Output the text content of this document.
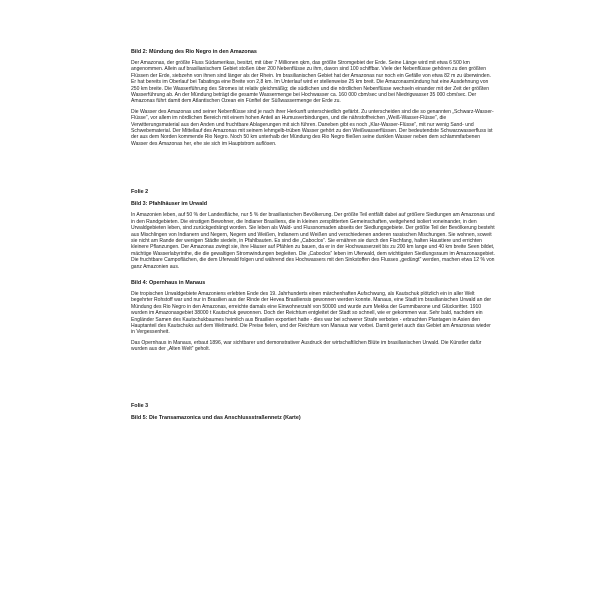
Bild 2: Mündung des Rio Negro in den Amazonas

Der Amazonas, der größte Fluss Südamerikas, besitzt, mit über 7 Millionen qkm, das größte Stromgebiet der Erde. Seine Länge wird mit etwa 6 500 km angenommen. Allein auf brasilianischem Gebiet stoßen über 200 Nebenflüsse zu ihm, davon sind 100 schiffbar. Viele der Nebenflüsse gehören zu den größten Flüssen der Erde, siebzehn von ihnen sind länger als der Rhein. Im brasilianischen Gebiet hat der Amazonas nur noch ein Gefälle von etwa 82 m zu überwinden. Er hat bereits im Oberlauf bei Tabatinga eine Breite von 2,8 km. Im Unterlauf wird er stellenweise 25 km breit. Die Amazonasmündung hat eine Ausdehnung von 250 km breite. Die Wasserführung des Stromes ist relativ gleichmäßig; die südlichen und die nördlichen Nebenflüsse wechseln einander mit der Zeit der größten Wasserführung ab. An der Mündung beträgt die gesamte Wassermenge bei Hochwasser ca. 160 000 cbm/sec und bei Niedrigwasser 35 000 cbm/sec. Der Amazonas führt damit dem Atlantischen Ozean ein Fünftel der Süßwassermenge der Erde zu.

Die Wasser des Amazonas und seiner Nebenflüsse sind je nach ihrer Herkunft unterschiedlich gefärbt. Zu unterscheiden sind die so genannten „Schwarz-Wasser-Flüsse“, vor allem im nördlichen Bereich mit einem hohen Anteil an Humusverbindungen, und die nährstoffreichen „Weiß-Wasser-Flüsse“, die Verwitterungsmaterial aus den Anden und fruchtbare Ablagerungen mit sich führen. Daneben gibt es noch „Klar-Wasser-Flüsse“, mit nur wenig Sand- und Schwebematerial. Der Mittellauf des Amazonas mit seinem lehmgelb-trüben Wasser gehört zu den Weißwasserflüssen. Der bedeutendste Schwarzwasserfluss ist der aus dem Norden kommende Rio Negro. Noch 50 km unterhalb der Mündung des Rio Negro fließen seine dunklen Wasser neben dem schlammfarbenen Wasser des Amazonas her, ehe sie sich im Hauptstrom auflösen.

Folie 2
Bild 3: Pfahlhäuser im Urwald

In Amazonien leben, auf 50 % der Landesfläche, nur 5 % der brasilianischen Bevölkerung. Der größte Teil entfällt dabei auf größere Siedlungen am Amazonas und in den Randgebieten. Die einstigen Bewohner, die Indianer Brasiliens, die in kleinen zersplitterten Gemeinschaften, weitgehend isoliert voneinander, in den Urwaldgebieten leben, sind zurückgedrängt worden. Sie leben als Wald- und Flussnomaden abseits der Siedlungsgebiete. Der größte Teil der Bevölkerung besteht aus Mischlingen von Indianern und Negern, Negern und Weißen, Indianern und Weißen und verschiedenen anderen rassischen Mischungen. Sie wohnen, soweit sie nicht am Rande der wenigen Städte siedeln, in Pfahlbauten. Es sind die „Caboclos“. Sie ernähren sie durch den Fischfang, halten Haustiere und errichten kleinere Pflanzungen. Der Amazonas zwingt sie, ihre Häuser auf Pfählen zu bauen, da er in der Hochwasserzeit bis zu 200 km lange und 40 km breite Seen bildet, mächtige Wasserlabyrinthe, die die gewaltigen Stromwindungen begleiten. Die „Caboclos“ leben im Uferwald, dem wichtigsten Siedlungsraum im Amazonasgebiet. Die fruchtbare Campoflächen, die dem Uferwald folgen und während des Hochwassers mit den Sinkstoffen des Flusses „gedüngt“ werden, machen etwa 12 % von ganz Amazonien aus.

Bild 4: Opernhaus in Manaus

Die tropischen Urwaldgebiete Amazoniens erlebten Ende des 19. Jahrhunderts einen märchenhaften Aufschwung, als Kautschuk plötzlich ein in aller Welt begehrter Rohstoff war und nur in Brasilien aus der Rinde der Hevea Brasiliensis gewonnen werden konnte. Manaus, eine Stadt im brasilianischen Urwald an der Mündung des Rio Negro in den Amazonas, erreichte damals eine Einwohnerzahl von 50000 und wurde zum Mekka der Gummibarone und Glücksritter. 1910 wurden im Amazonasgebiet 38000 t Kautschuk gewonnen. Doch der Reichtum entgleitet der Stadt so schnell, wie er gekommen war. Sehr bald, nachdem ein Engländer Samen des Kautschukbaumes heimlich aus Brasilien exportiert hatte - dies war bei schwerer Strafe verboten - erbrachten Plantagen in Asien den Hauptanteil des Kautschuks auf dem Weltmarkt. Die Preise fielen, und der Reichtum von Manaus war vorbei. Damit geriet auch das Gebiet am Amazonas wieder in Vergessenheit.

Das Opernhaus in Manaus, erbaut 1896, war sichtbarer und demonstrativer Ausdruck der wirtschaftlichen Blüte im brasilianischen Urwald. Die Künstler dafür wurden aus der „Alten Welt“ geholt.

Folie 3
Bild 5: Die Transamazonica und das Anschlussstraßennetz (Karte)
